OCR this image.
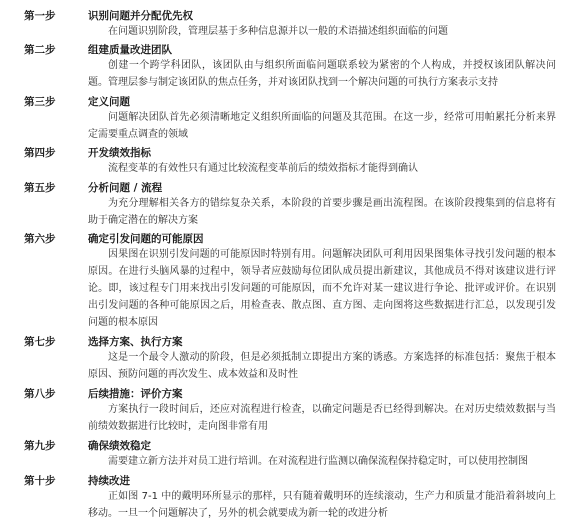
第一步	识别问题并分配优先权
在问题识别阶段，管理层基于多种信息源并以一般的术语描述组织面临的问题
第二步	组建质量改进团队
创建一个跨学科团队，该团队由与组织所面临问题联系较为紧密的个人构成，并授权该团队解决问题。管理层参与制定该团队的焦点任务，并对该团队找到一个解决问题的可执行方案表示支持
第三步	定义问题
问题解决团队首先必须清晰地定义组织所面临的问题及其范围。在这一步，经常可用帕累托分析来界定需要重点调查的领域
第四步	开发绩效指标
流程变革的有效性只有通过比较流程变革前后的绩效指标才能得到确认
第五步	分析问题 / 流程
为充分理解相关各方的错综复杂关系，本阶段的首要步骤是画出流程图。在该阶段搜集到的信息将有助于确定潜在的解决方案
第六步	确定引发问题的可能原因
因果图在识别引发问题的可能原因时特别有用。问题解决团队可利用因果图集体寻找引发问题的根本原因。在进行头脑风暴的过程中，领导者应鼓励每位团队成员提出新建议，其他成员不得对该建议进行评论。即，该过程专门用来找出引发问题的可能原因，而不允许对某一建议进行争论、批评或评价。在识别出引发问题的各种可能原因之后，用检查表、散点图、直方图、走向图将这些数据进行汇总，以发现引发问题的根本原因
第七步	选择方案、执行方案
这是一个最令人激动的阶段，但是必须抵制立即提出方案的诱惑。方案选择的标准包括：聚焦于根本原因、预防问题的再次发生、成本效益和及时性
第八步	后续措施：评价方案
方案执行一段时间后，还应对流程进行检查，以确定问题是否已经得到解决。在对历史绩效数据与当前绩效数据进行比较时，走向图非常有用
第九步	确保绩效稳定
需要建立新方法并对员工进行培训。在对流程进行监测以确保流程保持稳定时，可以使用控制图
第十步	持续改进
正如图 7-1 中的戴明环所显示的那样，只有随着戴明环的连续滚动，生产力和质量才能沿着斜坡向上移动。一旦一个问题解决了，另外的机会就要成为新一轮的改进分析
